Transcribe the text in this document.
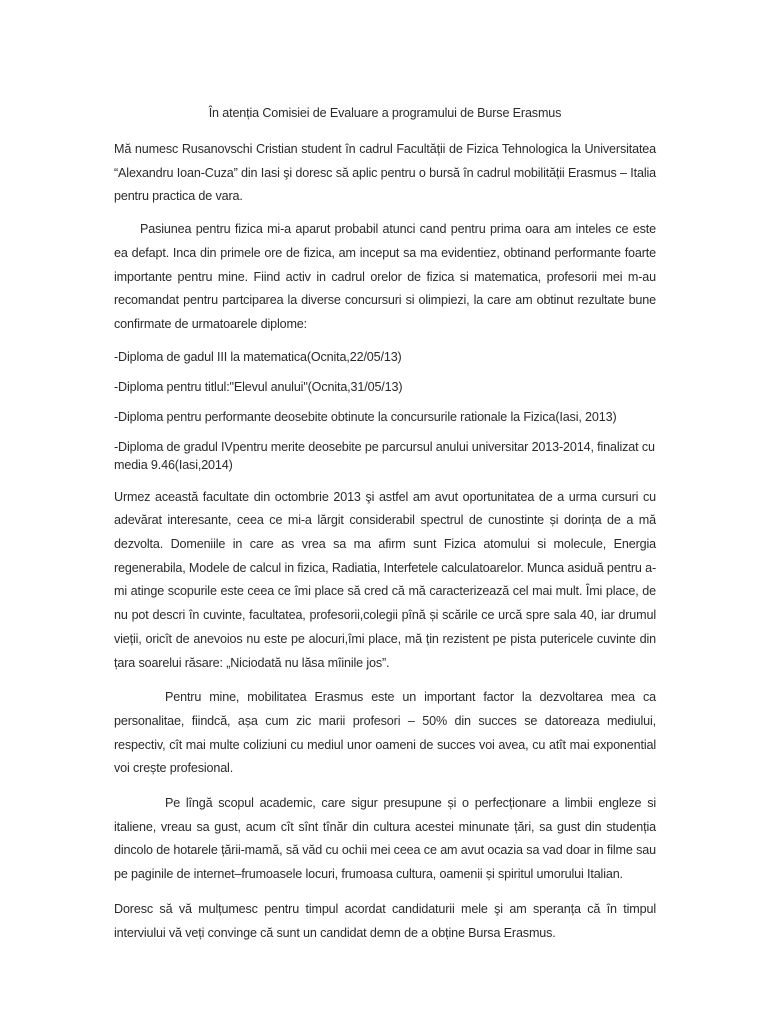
În atenția Comisiei de Evaluare a programului de Burse Erasmus

Mă numesc Rusanovschi Cristian student în cadrul Facultății de Fizica Tehnologica la Universitatea “Alexandru Ioan-Cuza” din Iasi şi doresc să aplic pentru o bursă în cadrul mobilității Erasmus – Italia pentru practica de vara.

Pasiunea pentru fizica mi-a aparut probabil atunci cand pentru prima oara am inteles ce este ea defapt. Inca din primele ore de fizica, am inceput sa ma evidentiez, obtinand performante foarte importante pentru mine. Fiind activ in cadrul orelor de fizica si matematica, profesorii mei m-au recomandat pentru partciparea la diverse concursuri si olimpiezi, la care am obtinut rezultate bune confirmate de urmatoarele diplome:

-Diploma de gadul III la matematica(Ocnita,22/05/13)

-Diploma pentru titlul:"Elevul anului"(Ocnita,31/05/13)

-Diploma pentru performante deosebite obtinute la concursurile rationale la Fizica(Iasi, 2013)

-Diploma de gradul IVpentru merite deosebite pe parcursul anului universitar 2013-2014, finalizat cu media 9.46(Iasi,2014)

Urmez această facultate din octombrie 2013 şi astfel am avut oportunitatea de a urma cursuri cu adevărat interesante, ceea ce mi-a lărgit considerabil spectrul de cunostinte și dorința de a mă dezvolta. Domeniile in care as vrea sa ma afirm sunt Fizica atomului si molecule, Energia regenerabila, Modele de calcul in fizica, Radiatia, Interfetele calculatoarelor. Munca asiduă pentru a-mi atinge scopurile este ceea ce îmi place să cred că mă caracterizează cel mai mult. Îmi place, de nu pot descri în cuvinte, facultatea, profesorii,colegii pînă și scările ce urcă spre sala 40, iar drumul vieții, oricît de anevoios nu este pe alocuri,îmi place, mă țin rezistent pe pista putericele cuvinte din țara soarelui răsare: „Niciodată nu lăsa mîinile jos”.

Pentru mine, mobilitatea Erasmus este un important factor la dezvoltarea mea ca personalitae, fiindcă, așa cum zic marii profesori – 50% din succes se datoreaza mediului, respectiv, cît mai multe coliziuni cu mediul unor oameni de succes voi avea, cu atît mai exponential voi crește profesional.

Pe lîngă scopul academic, care sigur presupune și o perfecționare a limbii engleze si italiene, vreau sa gust, acum cît sînt tînăr din cultura acestei minunate țări, sa gust din studenția dincolo de hotarele țării-mamă, să văd cu ochii mei ceea ce am avut ocazia sa vad doar in filme sau pe paginile de internet–frumoasele locuri, frumoasa cultura, oamenii și spiritul umorului Italian.

Doresc să vă mulțumesc pentru timpul acordat candidaturii mele şi am speranța că în timpul interviului vă veți convinge că sunt un candidat demn de a obține Bursa Erasmus.
